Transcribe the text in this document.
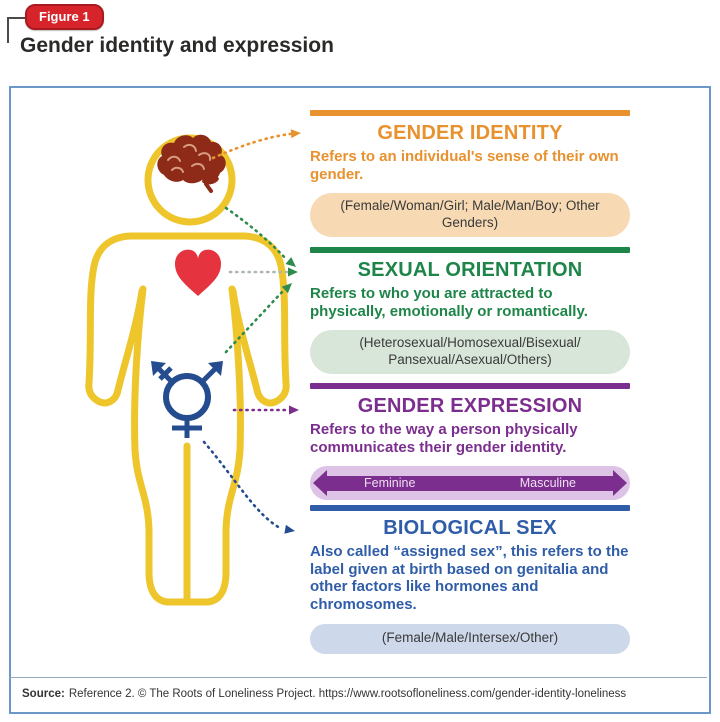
Figure 1
Gender identity and expression
GENDER IDENTITY

Refers to an individual's sense of their own gender.

(Female/Woman/Girl; Male/Man/Boy; Other Genders)
SEXUAL ORIENTATION

Refers to who you are attracted to physically, emotionally or romantically.

(Heterosexual/Homosexual/Bisexual/ Pansexual/Asexual/Others)
GENDER EXPRESSION

Refers to the way a person physically communicates their gender identity.

Feminine	Masculine
BIOLOGICAL SEX

Also called “assigned sex”, this refers to the label given at birth based on genitalia and other factors like hormones and chromosomes.

(Female/Male/Intersex/Other)
Source: Reference 2. © The Roots of Loneliness Project. https://www.rootsofloneliness.com/gender-identity-loneliness
